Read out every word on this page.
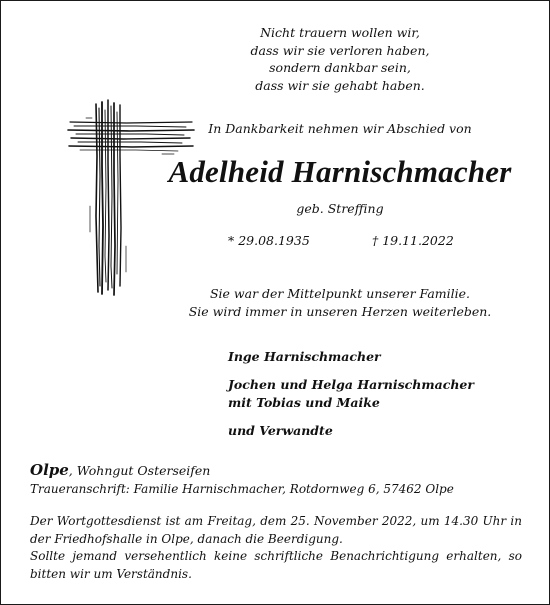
Nicht trauern wollen wir,
dass wir sie verloren haben,
sondern dankbar sein,
dass wir sie gehabt haben.
In Dankbarkeit nehmen wir Abschied von
Adelheid Harnischmacher
geb. Streffing
* 29.08.1935	† 19.11.2022
Sie war der Mittelpunkt unserer Familie.
Sie wird immer in unseren Herzen weiterleben.
Inge Harnischmacher
Jochen und Helga Harnischmacher
mit Tobias und Maike
und Verwandte
Olpe, Wohngut Osterseifen
Traueranschrift: Familie Harnischmacher, Rotdornweg 6, 57462 Olpe

Der Wortgottesdienst ist am Freitag, dem 25. November 2022, um 14.30 Uhr in der Friedhofshalle in Olpe, danach die Beerdigung.

Sollte jemand versehentlich keine schriftliche Benachrichtigung erhalten, so bitten wir um Verständnis.
